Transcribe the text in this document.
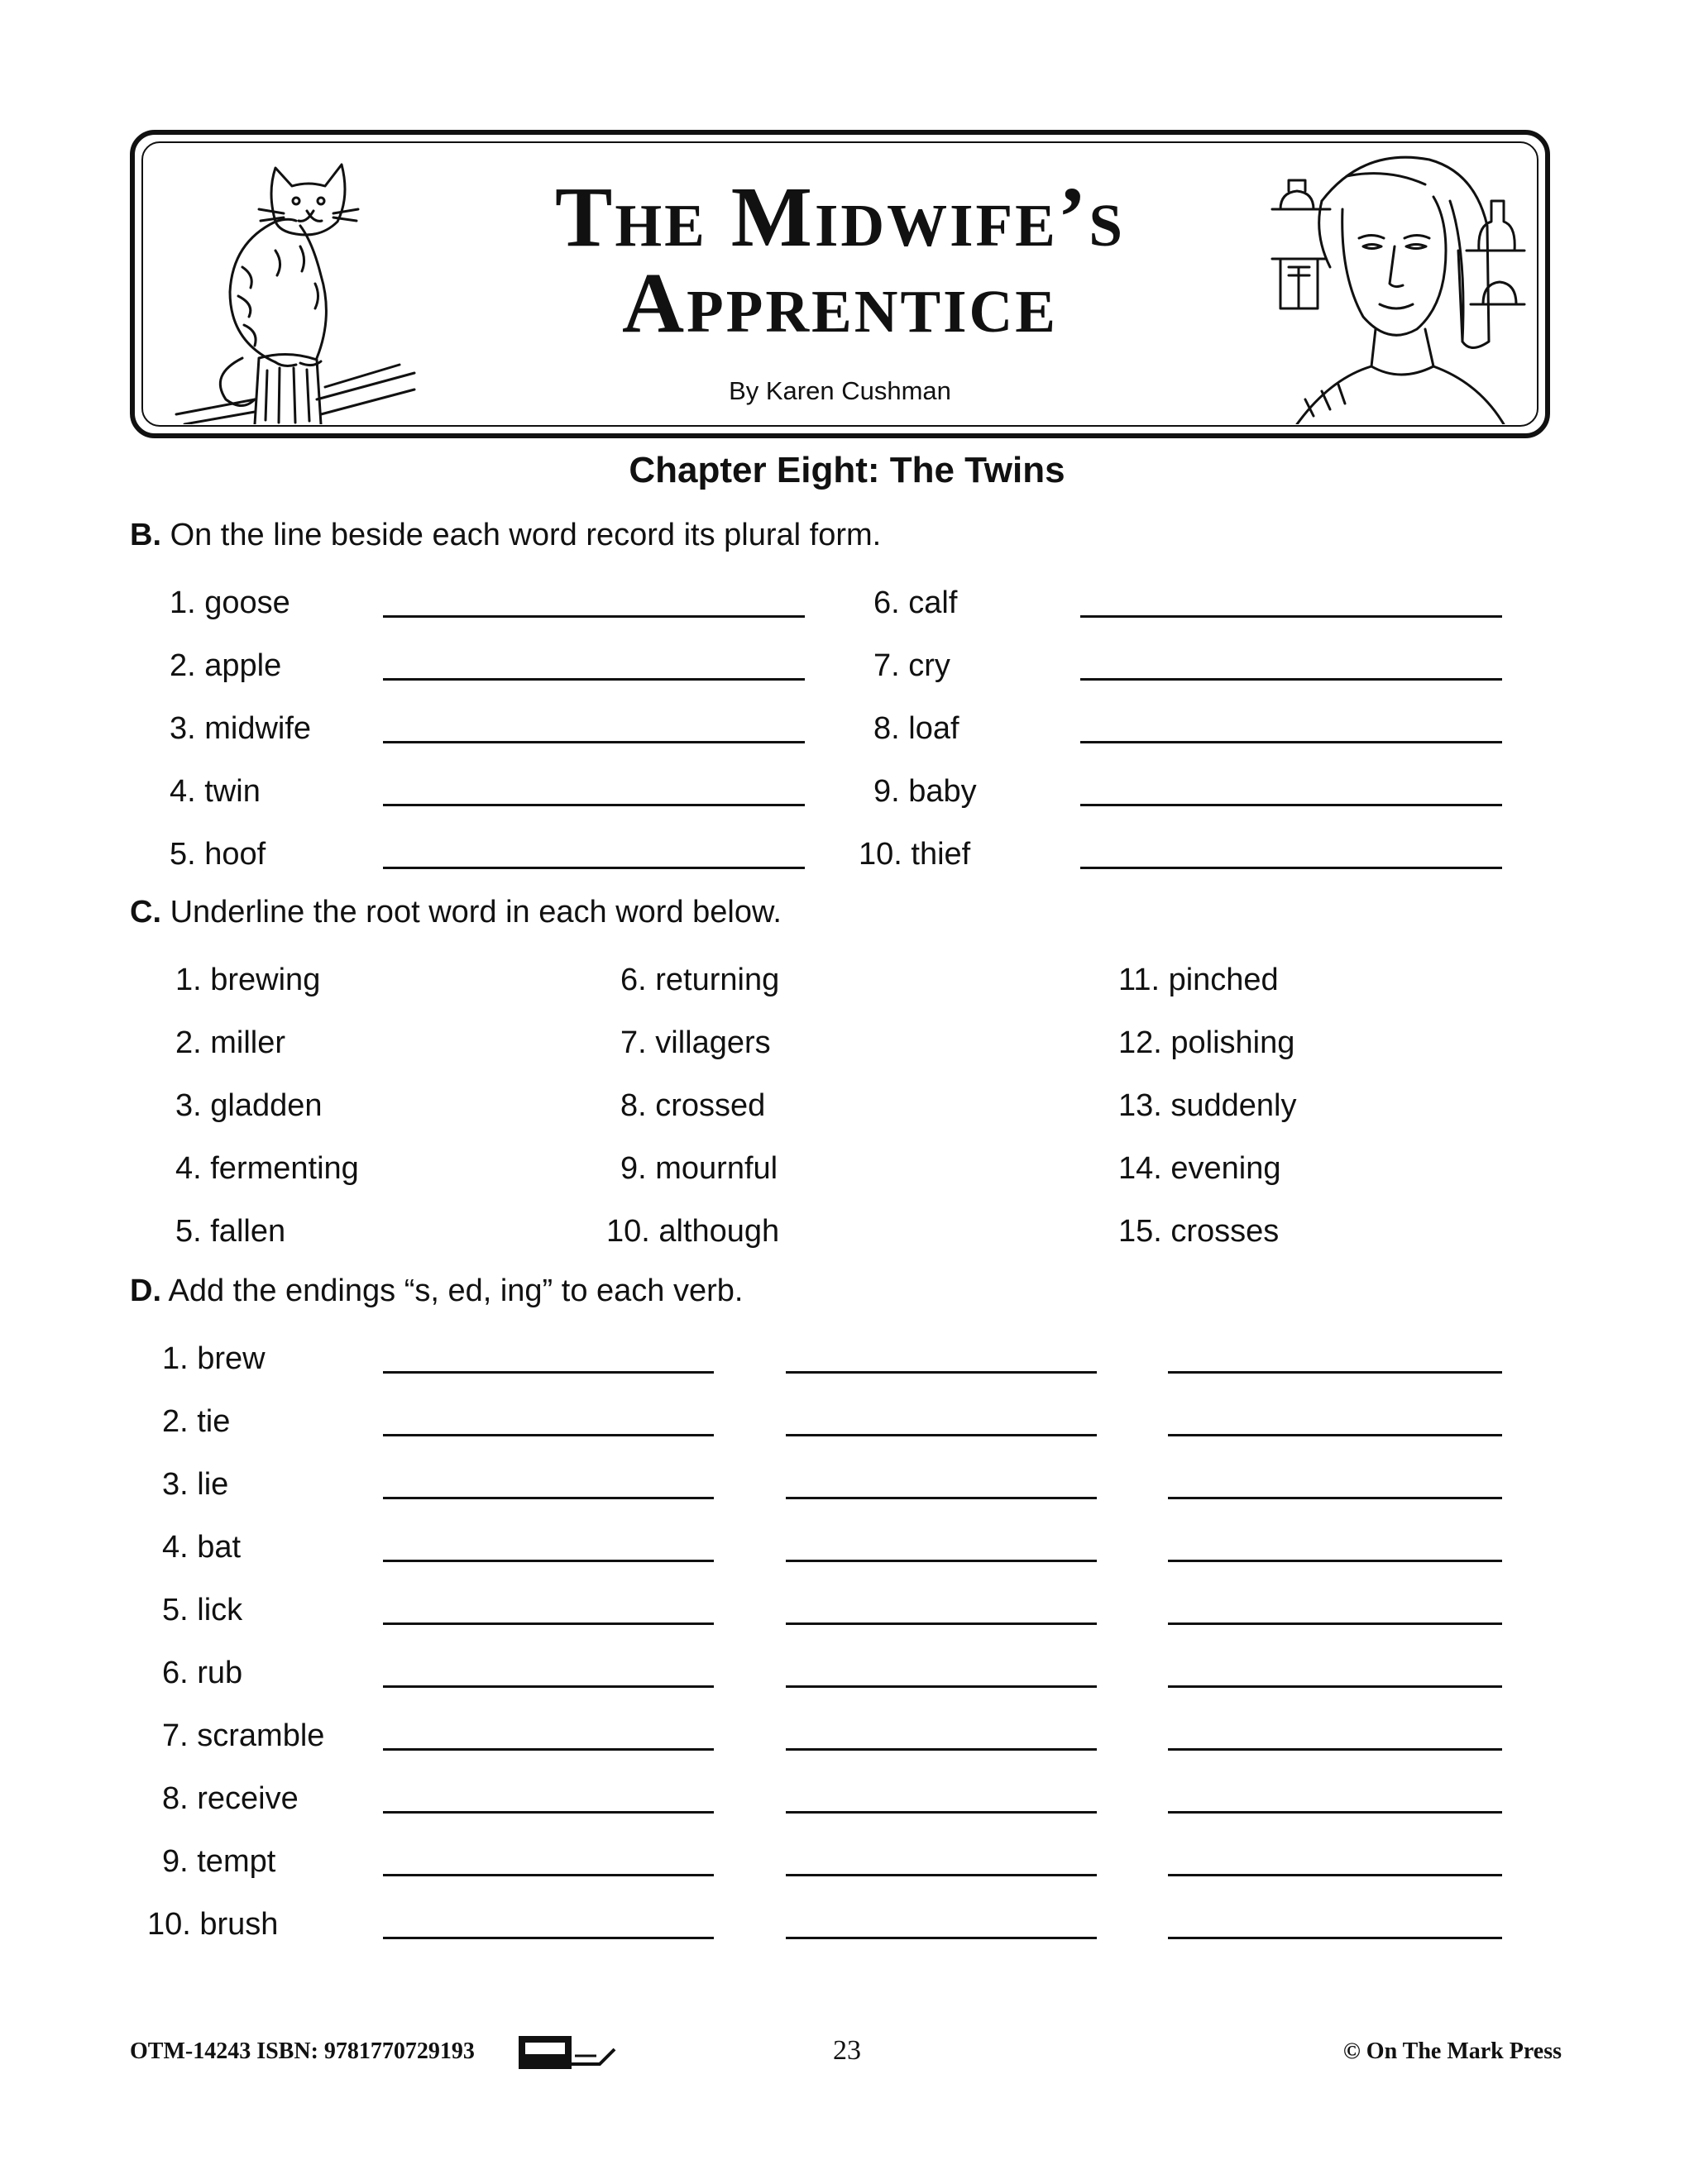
The Midwife’s
Apprentice
By Karen Cushman
Chapter Eight: The Twins
B. On the line beside each word record its plural form.
1. goose
2. apple
3. midwife
4. twin
5. hoof
6. calf
7. cry
8. loaf
9. baby
10. thief
C. Underline the root word in each word below.
1. brewing
2. miller
3. gladden
4. fermenting
5. fallen
6. returning
7. villagers
8. crossed
9. mournful
10. although
11. pinched
12. polishing
13. suddenly
14. evening
15. crosses
D. Add the endings “s, ed, ing” to each verb.
1. brew
2. tie
3. lie
4. bat
5. lick
6. rub
7. scramble
8. receive
9. tempt
10. brush
OTM-14243 ISBN: 9781770729193	23	© On The Mark Press
